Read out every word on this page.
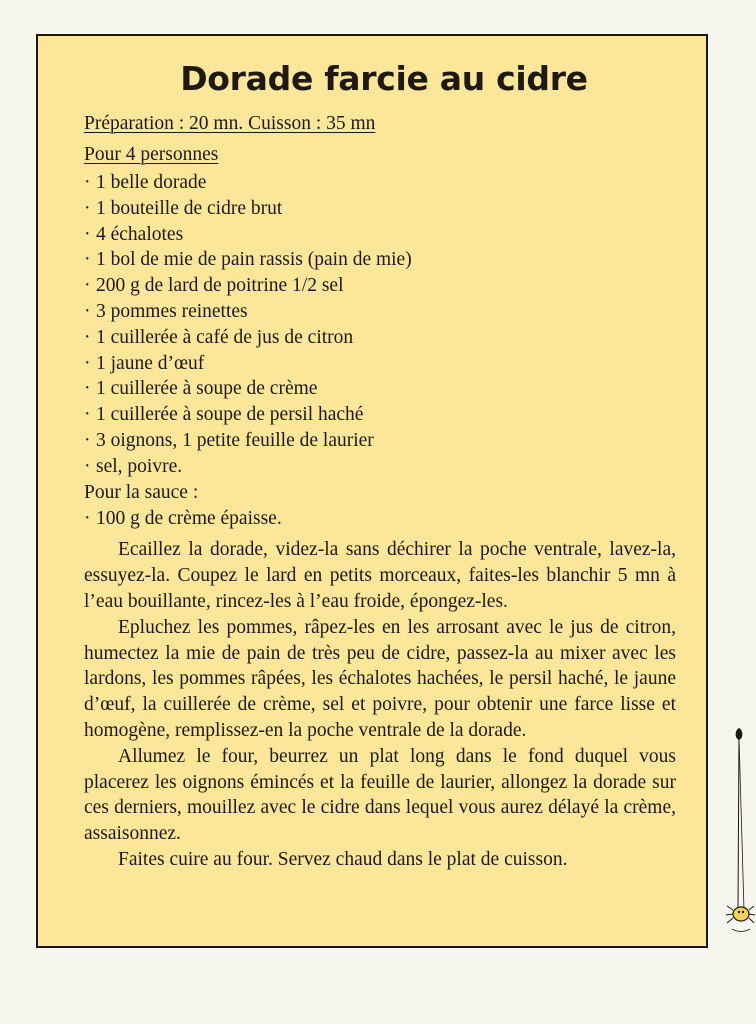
Dorade farcie au cidre
Préparation : 20 mn. Cuisson : 35 mn
Pour 4 personnes
· 1 belle dorade
· 1 bouteille de cidre brut
· 4 échalotes
· 1 bol de mie de pain rassis (pain de mie)
· 200 g de lard de poitrine 1/2 sel
· 3 pommes reinettes
· 1 cuillerée à café de jus de citron
· 1 jaune d’œuf
· 1 cuillerée à soupe de crème
· 1 cuillerée à soupe de persil haché
· 3 oignons, 1 petite feuille de laurier
· sel, poivre.
Pour la sauce :
· 100 g de crème épaisse.

Ecaillez la dorade, videz-la sans déchirer la poche ventrale, lavez-la, essuyez-la. Coupez le lard en petits morceaux, faites-les blanchir 5 mn à l’eau bouillante, rincez-les à l’eau froide, épongez-les.

Epluchez les pommes, râpez-les en les arrosant avec le jus de citron, humectez la mie de pain de très peu de cidre, passez-la au mixer avec les lardons, les pommes râpées, les échalotes hachées, le persil haché, le jaune d’œuf, la cuillerée de crème, sel et poivre, pour obtenir une farce lisse et homogène, remplissez-en la poche ventrale de la dorade.

Allumez le four, beurrez un plat long dans le fond duquel vous placerez les oignons émincés et la feuille de laurier, allongez la dorade sur ces derniers, mouillez avec le cidre dans lequel vous aurez délayé la crème, assaisonnez.

Faites cuire au four. Servez chaud dans le plat de cuisson.
